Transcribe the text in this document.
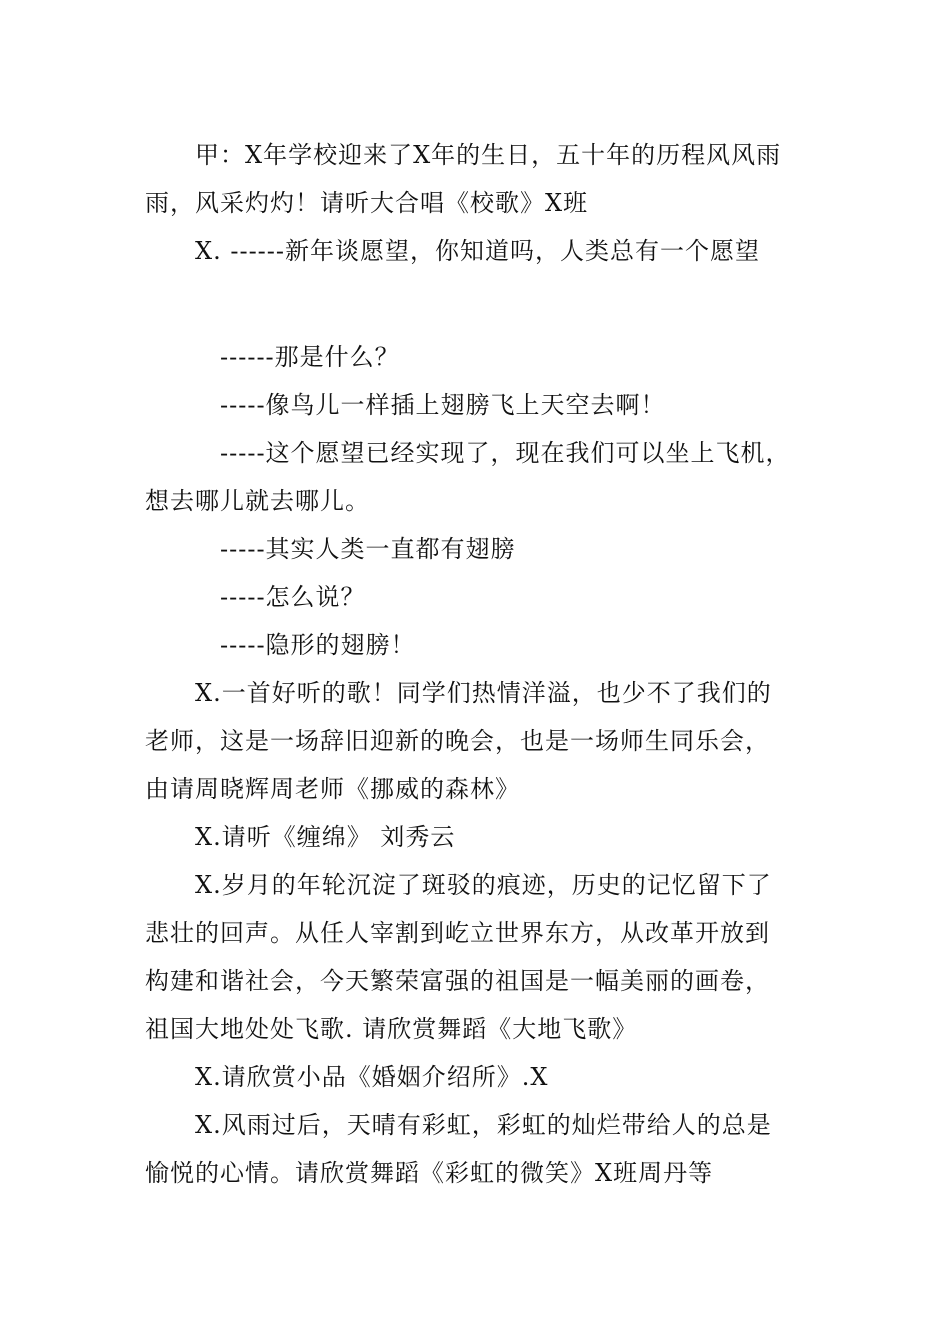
甲：X年学校迎来了X年的生日，五十年的历程风风雨
雨，风采灼灼！请听大合唱《校歌》X班
X. ------新年谈愿望，你知道吗，人类总有一个愿望
------那是什么？
-----像鸟儿一样插上翅膀飞上天空去啊！
-----这个愿望已经实现了，现在我们可以坐上飞机，
想去哪儿就去哪儿。
-----其实人类一直都有翅膀
-----怎么说？
-----隐形的翅膀！
X.一首好听的歌！同学们热情洋溢，也少不了我们的
老师，这是一场辞旧迎新的晚会，也是一场师生同乐会，
由请周晓辉周老师《挪威的森林》
X.请听《缠绵》 刘秀云
X.岁月的年轮沉淀了斑驳的痕迹，历史的记忆留下了
悲壮的回声。从任人宰割到屹立世界东方，从改革开放到
构建和谐社会，今天繁荣富强的祖国是一幅美丽的画卷，
祖国大地处处飞歌. 请欣赏舞蹈《大地飞歌》
X.请欣赏小品《婚姻介绍所》.X
X.风雨过后，天晴有彩虹，彩虹的灿烂带给人的总是
愉悦的心情。请欣赏舞蹈《彩虹的微笑》X班周丹等
